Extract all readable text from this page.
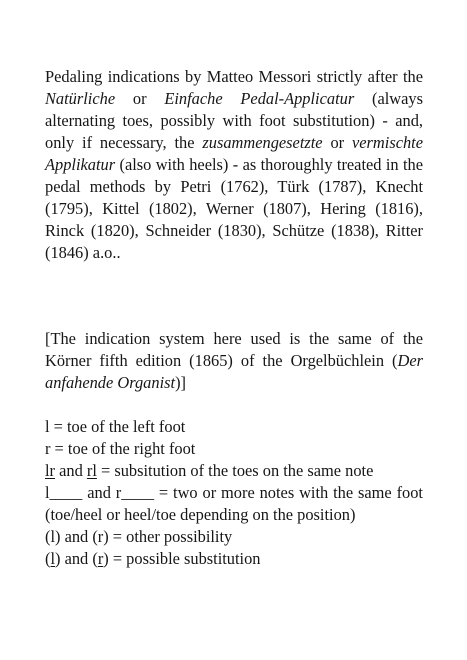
Pedaling indications by Matteo Messori strictly after the Natürliche or Einfache Pedal-Applicatur (always alternating toes, possibly with foot substitution) - and, only if necessary, the zusammengesetzte or vermischte Applikatur (also with heels) - as thoroughly treated in the pedal methods by Petri (1762), Türk (1787), Knecht (1795), Kittel (1802), Werner (1807), Hering (1816), Rinck (1820), Schneider (1830), Schütze (1838), Ritter (1846) a.o..

[The indication system here used is the same of the Körner fifth edition (1865) of the Orgelbüchlein (Der anfahende Organist)]

l = toe of the left foot
r = toe of the right foot
lr and rl = subsitution of the toes on the same note
l____ and r____ = two or more notes with the same foot (toe/heel or heel/toe depending on the position)
(l) and (r) = other possibility
(l) and (r) = possible substitution
